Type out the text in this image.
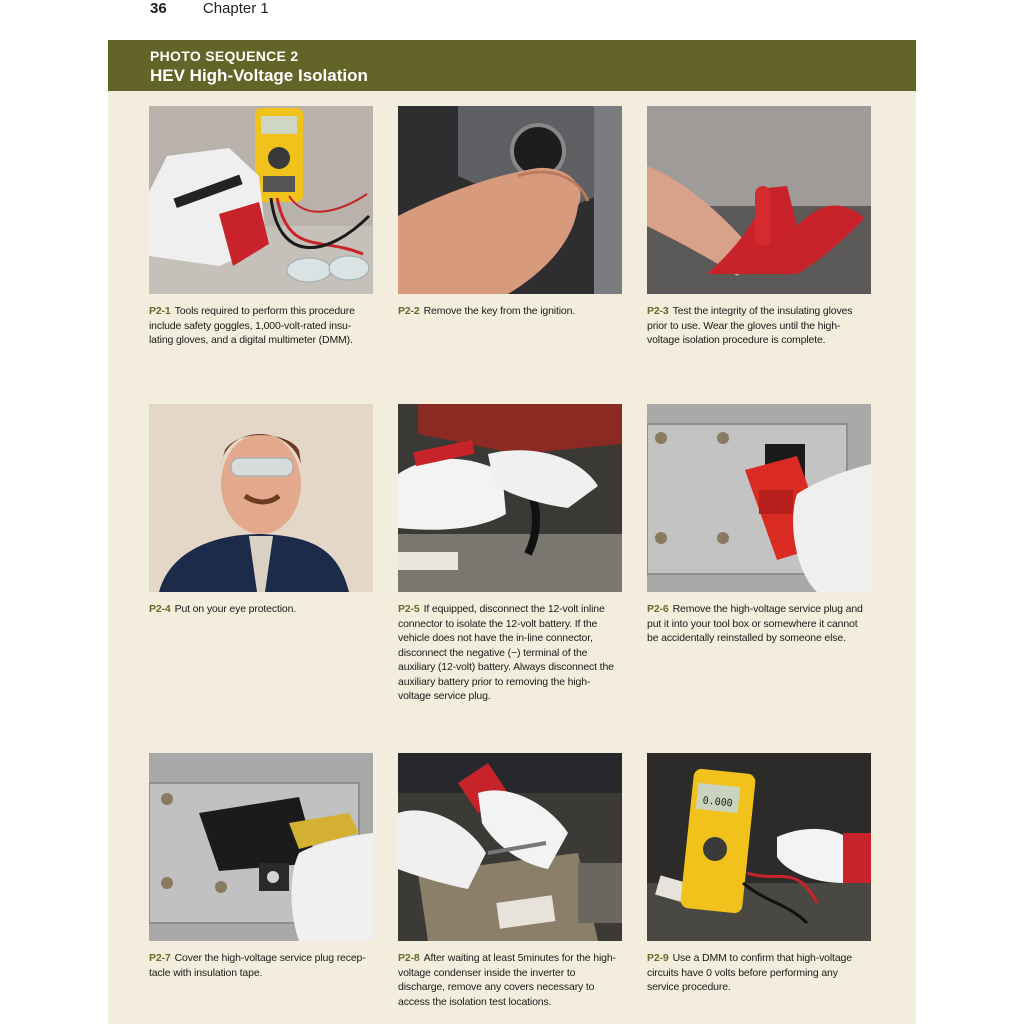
36 Chapter 1
PHOTO SEQUENCE 2
HEV High-Voltage Isolation
P2-1 Tools required to perform this procedure include safety goggles, 1,000-volt-rated insu-lating gloves, and a digital multimeter (DMM).
P2-2 Remove the key from the ignition.	P2-3 Test the integrity of the insulating gloves prior to use. Wear the gloves until the high-voltage isolation procedure is complete.
P2-4 Put on your eye protection.	P2-5 If equipped, disconnect the 12-volt inline connector to isolate the 12-volt battery. If the vehicle does not have the in-line connector, disconnect the negative (−) terminal of the auxiliary (12-volt) battery. Always disconnect the auxiliary battery prior to removing the high-voltage service plug.
P2-6 Remove the high-voltage service plug and put it into your tool box or somewhere it cannot be accidentally reinstalled by someone else.
P2-7 Cover the high-voltage service plug recep-tacle with insulation tape.
P2-8 After waiting at least 5minutes for the high-voltage condenser inside the inverter to discharge, remove any covers necessary to access the isolation test locations.
0.000
P2-9 Use a DMM to confirm that high-voltage circuits have 0 volts before performing any service procedure.
